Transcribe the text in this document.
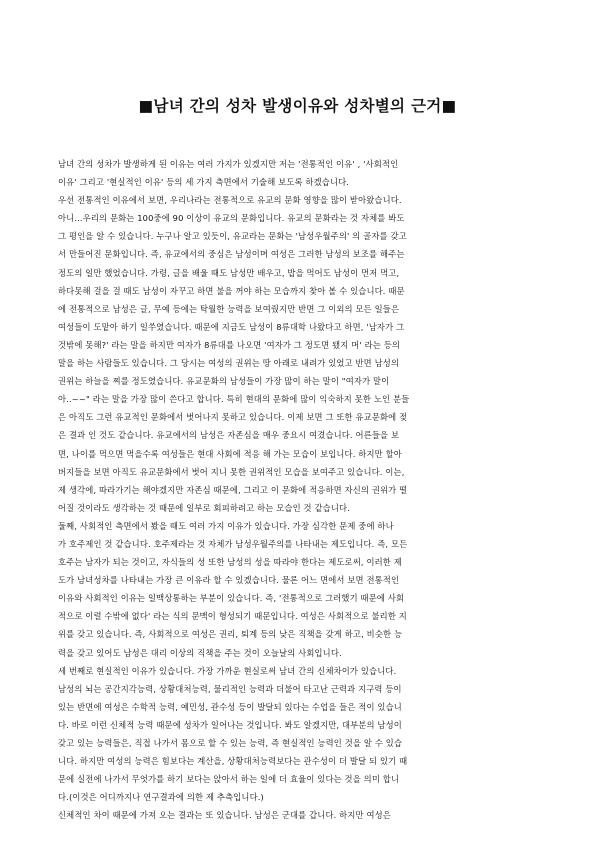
■남녀 간의 성차 발생이유와 성차별의 근거■
남녀 간의 성차가 발생하게 된 이유는 여러 가지가 있겠지만 저는 '전통적인 이유' , '사회적인
이유' 그리고 '현실적인 이유' 등의 세 가지 측면에서 기술해 보도록 하겠습니다.
우선 전통적인 이유에서 보면, 우리나라는 전통적으로 유교의 문화 영향을 많이 받아왔습니다.
아니...우리의 문화는 100중에 90 이상이 유교의 문화입니다. 유교의 문화라는 것 자체를 봐도
그 평인을 알 수 있습니다. 누구나 알고 있듯이, 유교라는 문화는 '남성우월주의' 의 골자를 갖고
서 만들어진 문화입니다. 즉, 유교에서의 중심은 남성이며 여성은 그러한 남성의 보조를 해주는
정도의 일만 했었습니다. 가령, 글을 배울 때도 남성만 배우고, 밥을 먹어도 남성이 먼저 먹고,
하다못해 걸을 걸 때도 남성이 자꾸고 하면 불을 꺼야 하는 모습까지 찾아 볼 수 있습니다. 때문
에 전통적으로 남성은 글, 무예 등에는 탁월한 능력을 보여줬지만 반면 그 이외의 모든 일들은
여성들이 도맡아 하기 일쑤였습니다. 때문에 지금도 남성이 8류대학 나왔다고 하면, '남자가 그
것밖에 못해?' 라는 말을 하지만 여자가 8류대를 나오면 '여자가 그 정도면 됐지 머' 라는 등의
말을 하는 사람들도 있습니다. 그 당시는 여성의 권위는 땅 아래로 내려가 있었고 반면 남성의
권위는 하늘을 찌를 정도였습니다. 유교문화의 남성들이 가장 많이 하는 말이 "여자가 말이
아..~~" 라는 말을 가장 많이 쓴다고 합니다. 특히 현대의 문화에 많이 익숙하지 못한 노인 분들
은 아직도 그런 유교적인 문화에서 벗어나지 못하고 있습니다. 이제 보면 그 또한 유교문화에 젖
은 결과 인 것도 같습니다. 유교에서의 남성은 자존심을 매우 중요시 여겼습니다. 어른들을 보
면, 나이를 먹으면 먹을수록 여성들은 현대 사회에 적응 해 가는 모습이 보입니다. 하지만 할아
버지들을 보면 아직도 유교문화에서 벗어 지니 못한 권위적인 모습을 보여주고 있습니다. 이는,
제 생각에, 따라가기는 해야겠지만 자존심 때문에, 그리고 이 문화에 적응하면 자신의 권위가 떨
어질 것이라도 생각하는 것 때문에 일부로 회피하려고 하는 모습인 것 같습니다.
둘째, 사회적인 측면에서 봤을 때도 여러 가지 이유가 있습니다. 가장 심각한 문제 중에 하나
가 호주제인 것 같습니다. 호주제라는 것 자체가 남성우월주의를 나타내는 제도입니다. 즉, 모든
호주는 남자가 되는 것이고, 자식들의 성 또한 남성의 성을 따라야 한다는 제도로써, 이러한 제
도가 남녀성차를 나타내는 가장 큰 이유라 할 수 있겠습니다. 물론 어느 면에서 보면 전통적인
이유와 사회적인 이유는 일맥상통하는 부분이 있습니다. 즉, '전통적으로 그러했기 때문에 사회
적으로 이럴 수밖에 없다' 라는 식의 문맥이 형성되기 때문입니다. 여성은 사회적으로 불리한 지
위를 갖고 있습니다. 즉, 사회적으로 여성은 권리, 퇴계 등의 낮은 직책을 갖게 하고, 비슷한 능
력을 갖고 있어도 남성은 대리 이상의 직책을 주는 것이 오늘날의 사회입니다.
세 번째로 현실적인 이유가 있습니다. 가장 가까운 현실로써 남녀 간의 신체차이가 있습니다.
남성의 뇌는 공간지각능력, 상황대처능력, 물리적인 능력과 더불어 타고난 근력과 지구력 등이
있는 반면에 여성은 수학적 능력, 예민성, 관수성 등이 발달되 있다는 수업을 들은 적이 있습니
다. 바로 이런 신체적 능력 때문에 성차가 일어나는 것입니다. 봐도 알겠지만, 대부분의 남성이
갖고 있는 능력들은, 직접 나가서 몸으로 할 수 있는 능력, 즉 현실적인 능력인 것을 알 수 있습
니다. 하지만 여성의 능력은 힘보다는 계산을, 상황대처능력보다는 관수성이 더 발달 되 있기 때
문에 실전에 나가서 무엇가를 하기 보다는 앉아서 하는 일에 더 효율이 있다는 것을 의미 합니
다.(이것은 어디까지나 연구결과에 의한 제 추측입니다.)
신체적인 차이 때문에 가져 오는 결과는 또 있습니다. 남성은 군대를 갑니다. 하지만 여성은
